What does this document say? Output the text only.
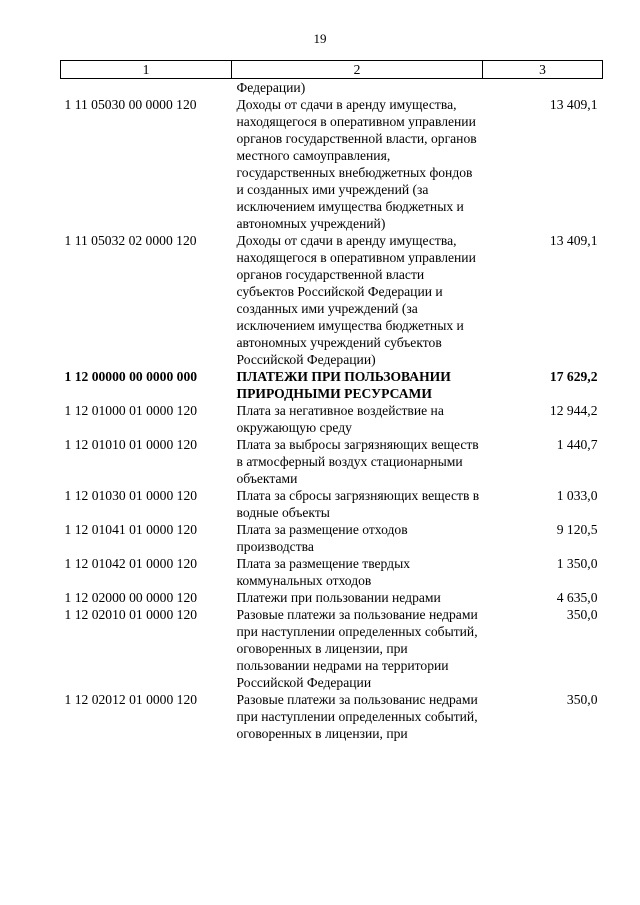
19
1	2	3
	Федерации)	
1 11 05030 00 0000 120	Доходы от сдачи в аренду имущества, находящегося в оперативном управлении органов государственной власти, органов местного самоуправления, государственных внебюджетных фондов и созданных ими учреждений (за исключением имущества бюджетных и автономных учреждений)	13 409,1
1 11 05032 02 0000 120	Доходы от сдачи в аренду имущества, находящегося в оперативном управлении органов государственной власти субъектов Российской Федерации и созданных ими учреждений (за исключением имущества бюджетных и автономных учреждений субъектов Российской Федерации)	13 409,1
1 12 00000 00 0000 000	ПЛАТЕЖИ ПРИ ПОЛЬЗОВАНИИ ПРИРОДНЫМИ РЕСУРСАМИ	17 629,2
1 12 01000 01 0000 120	Плата за негативное воздействие на окружающую среду	12 944,2
1 12 01010 01 0000 120	Плата за выбросы загрязняющих веществ в атмосферный воздух стационарными объектами	1 440,7
1 12 01030 01 0000 120	Плата за сбросы загрязняющих веществ в водные объекты	1 033,0
1 12 01041 01 0000 120	Плата за размещение отходов производства	9 120,5
1 12 01042 01 0000 120	Плата за размещение твердых коммунальных отходов	1 350,0
1 12 02000 00 0000 120	Платежи при пользовании недрами	4 635,0
1 12 02010 01 0000 120	Разовые платежи за пользование недрами при наступлении определенных событий, оговоренных в лицензии, при пользовании недрами на территории Российской Федерации	350,0
1 12 02012 01 0000 120	Разовые платежи за пользованис недрами при наступлении определенных событий, оговоренных в лицензии, при	350,0
